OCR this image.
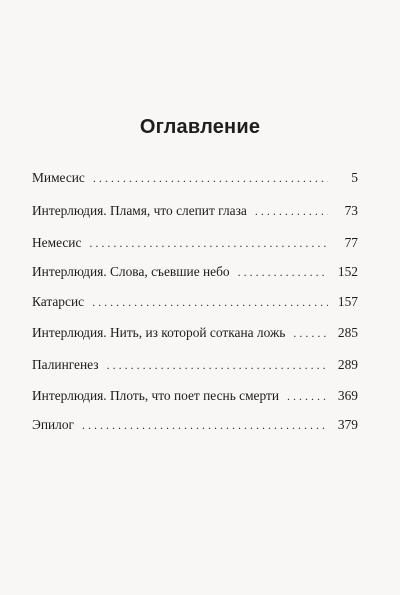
Оглавление
Мимесис . . .	5
Интерлюдия. Пламя, что слепит глаза . . .	73
Немесис . . .	77
Интерлюдия. Слова, съевшие небо . . .	152
Катарсис . . .	157
Интерлюдия. Нить, из которой соткана ложь . . .	285
Палингенез . . .	289
Интерлюдия. Плоть, что поет песнь смерти . . .	369
Эпилог . . .	379
